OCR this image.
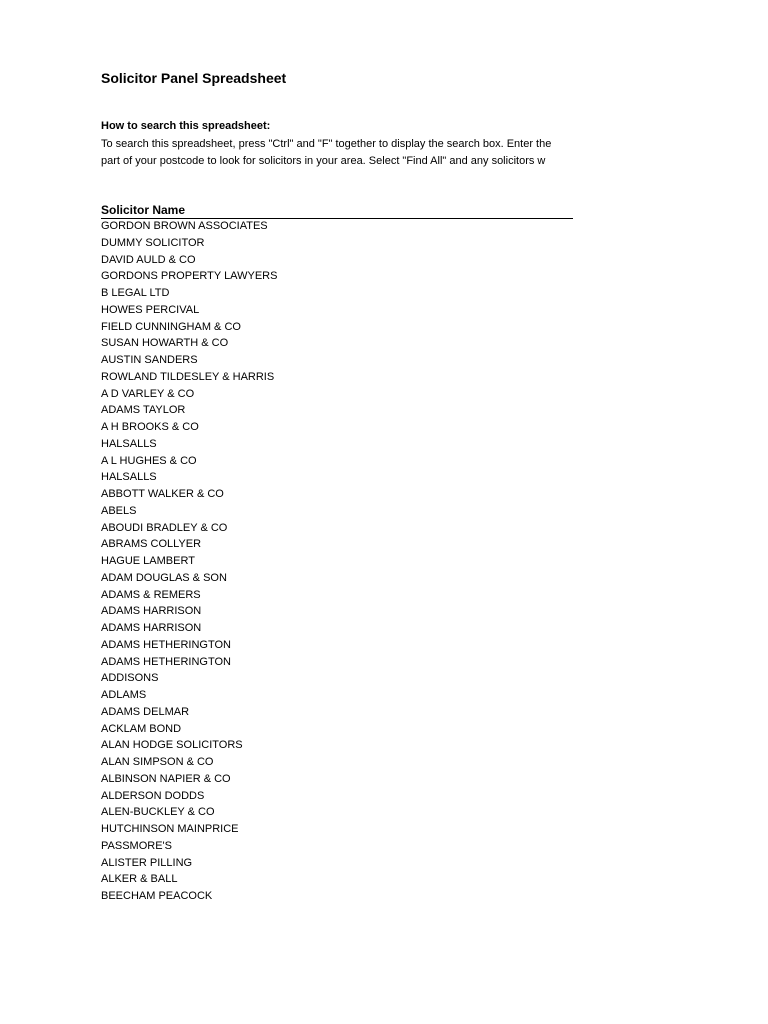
Solicitor Panel Spreadsheet
How to search this spreadsheet:
To search this spreadsheet, press "Ctrl" and "F" together to display the search box. Enter the
part of your postcode to look for solicitors in your area. Select "Find All" and any solicitors w
Solicitor Name
GORDON BROWN ASSOCIATES
DUMMY SOLICITOR
DAVID AULD & CO
GORDONS PROPERTY LAWYERS
B LEGAL LTD
HOWES PERCIVAL
FIELD CUNNINGHAM & CO
SUSAN HOWARTH & CO
AUSTIN SANDERS
ROWLAND TILDESLEY & HARRIS
A D VARLEY & CO
ADAMS TAYLOR
A H BROOKS & CO
HALSALLS
A L HUGHES & CO
HALSALLS
ABBOTT WALKER & CO
ABELS
ABOUDI BRADLEY & CO
ABRAMS COLLYER
HAGUE LAMBERT
ADAM DOUGLAS & SON
ADAMS & REMERS
ADAMS HARRISON
ADAMS HARRISON
ADAMS HETHERINGTON
ADAMS HETHERINGTON
ADDISONS
ADLAMS
ADAMS DELMAR
ACKLAM BOND
ALAN HODGE SOLICITORS
ALAN SIMPSON & CO
ALBINSON NAPIER & CO
ALDERSON DODDS
ALEN-BUCKLEY & CO
HUTCHINSON MAINPRICE
PASSMORE'S
ALISTER PILLING
ALKER & BALL
BEECHAM PEACOCK
